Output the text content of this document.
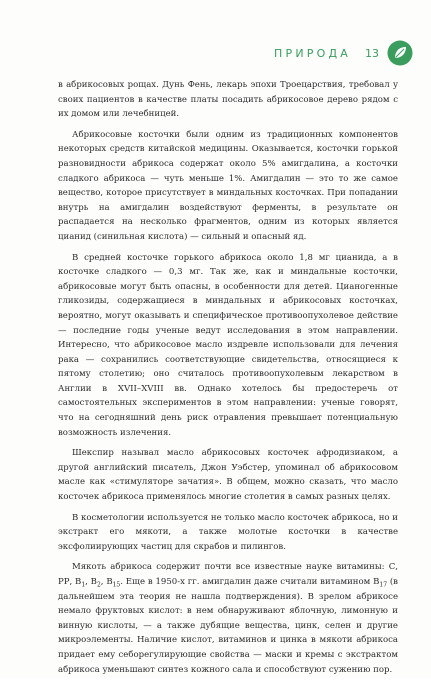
ПРИРОДА 13

в абрикосовых рощах. Дунь Фень, лекарь эпохи Троецарствия, требовал у своих пациентов в качестве платы посадить абрикосовое дерево рядом с их домом или лечебницей.

Абрикосовые косточки были одним из традиционных компонентов некоторых средств китайской медицины. Оказывается, косточки горькой разновидности абрикоса содержат около 5% амигдалина, а косточки сладкого абрикоса — чуть меньше 1%. Амигдалин — это то же самое вещество, которое присутствует в миндальных косточках. При попадании внутрь на амигдалин воздействуют ферменты, в результате он распадается на несколько фрагментов, одним из которых является цианид (синильная кислота) — сильный и опасный яд.

В средней косточке горького абрикоса около 1,8 мг цианида, а в косточке сладкого — 0,3 мг. Так же, как и миндальные косточки, абрикосовые могут быть опасны, в особенности для детей. Цианогенные гликозиды, содержащиеся в миндальных и абрикосовых косточках, вероятно, могут оказывать и специфическое противоопухолевое действие — последние годы ученые ведут исследования в этом направлении. Интересно, что абрикосовое масло издревле использовали для лечения рака — сохранились соответствующие свидетельства, относящиеся к пятому столетию; оно считалось противоопухолевым лекарством в Англии в XVII–XVIII вв. Однако хотелось бы предостеречь от самостоятельных экспериментов в этом направлении: ученые говорят, что на сегодняшний день риск отравления превышает потенциальную возможность излечения.

Шекспир называл масло абрикосовых косточек афродизиаком, а другой английский писатель, Джон Уэбстер, упоминал об абрикосовом масле как «стимуляторе зачатия». В общем, можно сказать, что масло косточек абрикоса применялось многие столетия в самых разных целях.

В косметологии используется не только масло косточек абрикоса, но и экстракт его мякоти, а также молотые косточки в качестве эксфолиирующих частиц для скрабов и пилингов.

Мякоть абрикоса содержит почти все известные науке витамины: С, РР, $В_1$, $В_2$, $В_{15}$. Еще в 1950-х гг. амигдалин даже считали витамином $В_{17}$ (в дальнейшем эта теория не нашла подтверждения). В зрелом абрикосе немало фруктовых кислот: в нем обнаруживают яблочную, лимонную и винную кислоты, — а также дубящие вещества, цинк, селен и другие микроэлементы. Наличие кислот, витаминов и цинка в мякоти абрикоса придает ему себорегулирующие свойства — маски и кремы с экстрактом абрикоса уменьшают синтез кожного сала и способствуют сужению пор.
